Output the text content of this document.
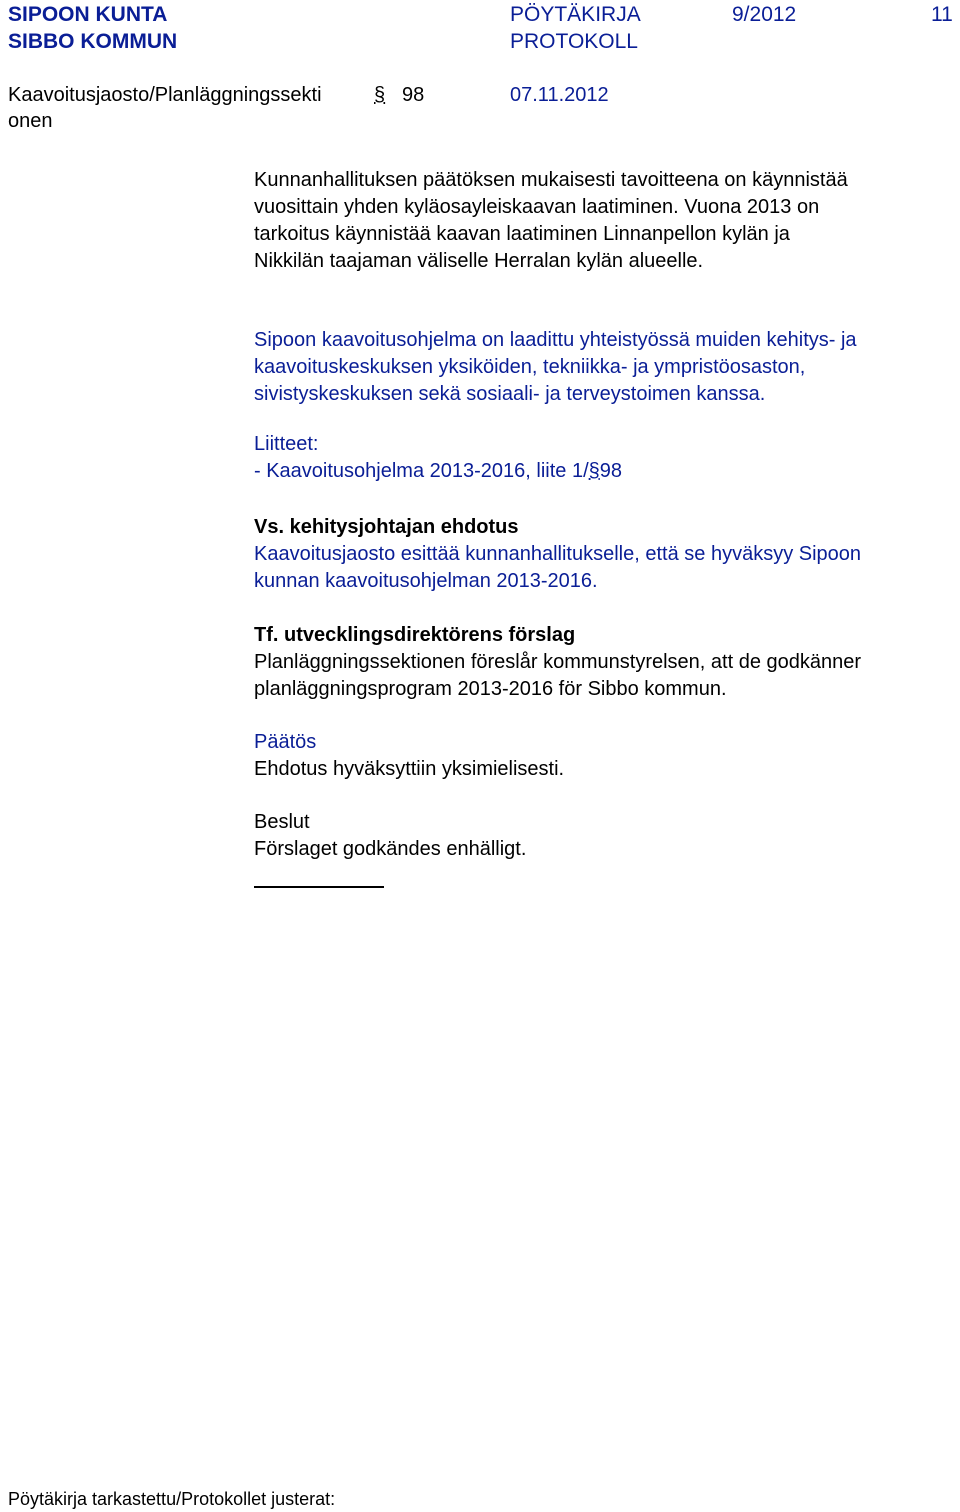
SIPOON KUNTA
SIBBO KOMMUN
PÖYTÄKIRJA
PROTOKOLL
9/2012	11
Kaavoitusjaosto/Planläggningssekti
onen
§ 98	07.11.2012
Kunnanhallituksen päätöksen mukaisesti tavoitteena on käynnistää
vuosittain yhden kyläosayleiskaavan laatiminen. Vuona 2013 on
tarkoitus käynnistää kaavan laatiminen Linnanpellon kylän ja
Nikkilän taajaman väliselle Herralan kylän alueelle.
Sipoon kaavoitusohjelma on laadittu yhteistyössä muiden kehitys- ja
kaavoituskeskuksen yksiköiden, tekniikka- ja ympristöosaston,
sivistyskeskuksen sekä sosiaali- ja terveystoimen kanssa.
Liitteet:
- Kaavoitusohjelma 2013-2016, liite 1/§98
Vs. kehitysjohtajan ehdotus
Kaavoitusjaosto esittää kunnanhallitukselle, että se hyväksyy Sipoon
kunnan kaavoitusohjelman 2013-2016.
Tf. utvecklingsdirektörens förslag
Planläggningssektionen föreslår kommunstyrelsen, att de godkänner
planläggningsprogram 2013-2016 för Sibbo kommun.
Päätös
Ehdotus hyväksyttiin yksimielisesti.
Beslut
Förslaget godkändes enhälligt.
Pöytäkirja tarkastettu/Protokollet justerat:
